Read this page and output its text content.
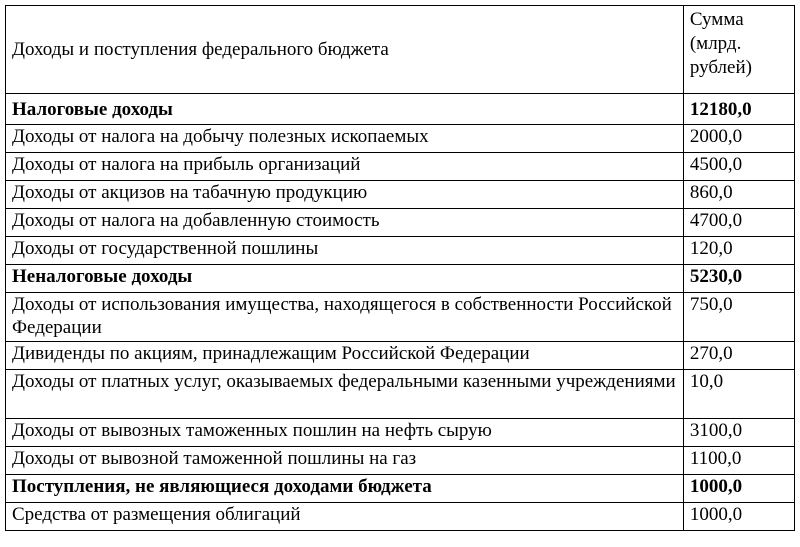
Доходы и поступления федерального бюджета	Сумма (млрд. рублей)
Налоговые доходы	12180,0
Доходы от налога на добычу полезных ископаемых	2000,0
Доходы от налога на прибыль организаций	4500,0
Доходы от акцизов на табачную продукцию	860,0
Доходы от налога на добавленную стоимость	4700,0
Доходы от государственной пошлины	120,0
Неналоговые доходы	5230,0
Доходы от использования имущества, находящегося в собственности Российской Федерации	750,0
Дивиденды по акциям, принадлежащим Российской Федерации	270,0
Доходы от платных услуг, оказываемых федеральными казенными учреждениями	10,0
Доходы от вывозных таможенных пошлин на нефть сырую	3100,0
Доходы от вывозной таможенной пошлины на газ	1100,0
Поступления, не являющиеся доходами бюджета	1000,0
Средства от размещения облигаций	1000,0
